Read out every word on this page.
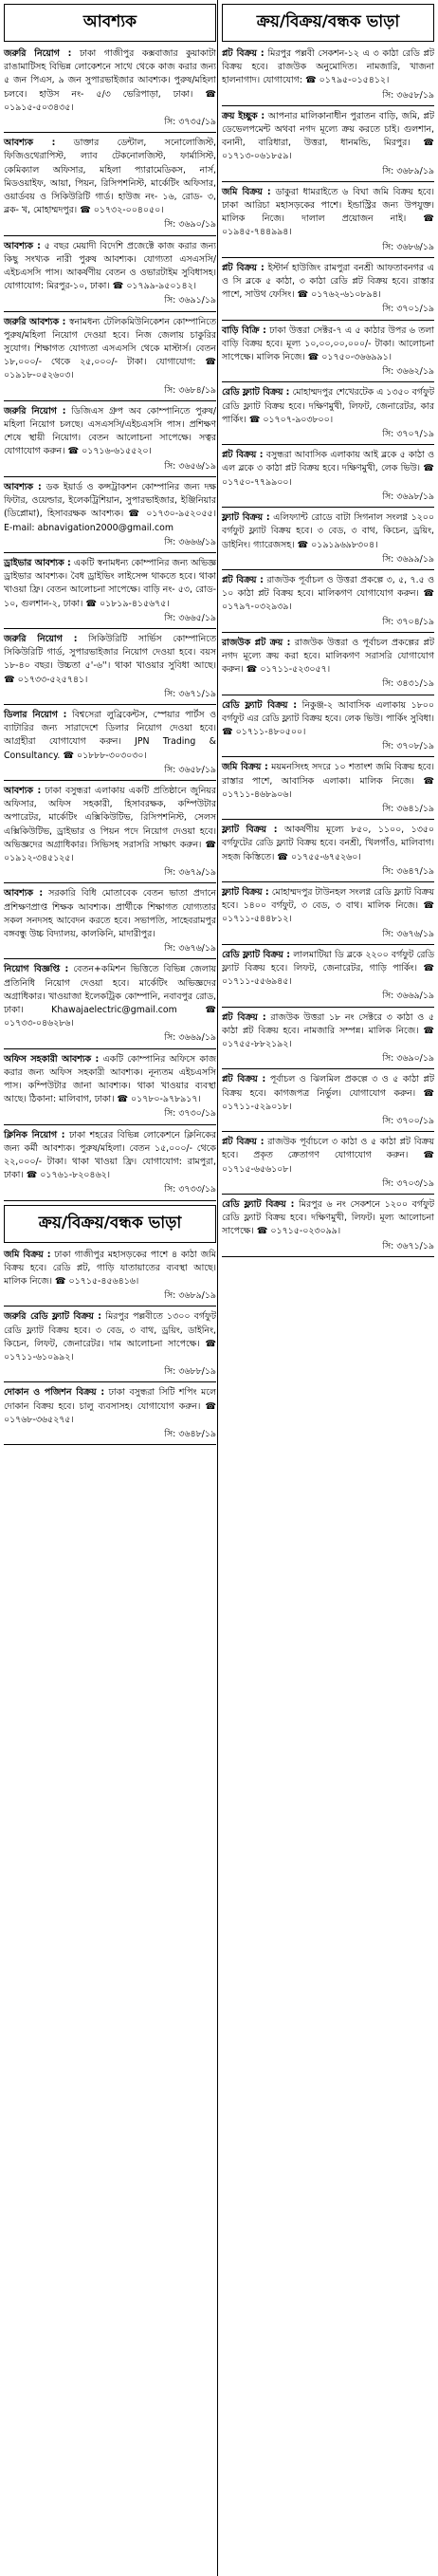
আবশ্যক
জরুরি নিয়োগ : ঢাকা গাজীপুর কক্সবাজার কুয়াকাটা রাঙামাটিসহ বিভিন্ন লোকেশনে সাথে থেকে কাজ করার জন্য ৫ জন পিএস, ৯ জন সুপারভাইজার আবশ্যক। পুরুষ/মহিলা চলবে। হাউস নং- ৫/৩ ভেরিপাড়া, ঢাকা। ☎ ০১৯১৫-৫০৩৪৩৫।
সি: ৩৭৩৫/১৯
আবশ্যক : ডাক্তার ডেন্টাল, সনোলোজিস্ট, ফিজিওথেরাপিস্ট, ল্যাব টেকনোলজিস্ট, ফার্মাসিস্ট, কেমিক্যাল অফিসার, মহিলা প্যারামেডিকস, নার্স, মিডওয়াইফ, আয়া, পিয়ন, রিসিপশনিস্ট, মার্কেটিং অফিসার, ওয়ার্ডবয় ও সিকিউরিটি গার্ড। হাউজ নং- ১৬, রোড- ৩, ব্লক- খ, মোহাম্মদপুর। ☎ ০১৭৩২-০০৪০৫০।
সি: ৩৬৯০/১৯
আবশ্যক : ৫ বছর মেয়াদী বিদেশি প্রজেক্টে কাজ করার জন্য কিছু সংখ্যক নারী পুরুষ আবশ্যক। যোগ্যতা এসএসসি/এইচএসসি পাস। আকর্ষণীয় বেতন ও ওভারটাইম সুবিধাসহ। যোগাযোগ: মিরপুর-১০, ঢাকা। ☎ ০১৭৯৯-৯৫০১৪২।
সি: ৩৬৯১/১৯
জরুরি আবশ্যক : স্বনামধন্য টেলিকমিউনিকেশন কোম্পানিতে পুরুষ/মহিলা নিয়োগ দেওয়া হবে। নিজ জেলায় চাকুরির সুযোগ। শিক্ষাগত যোগ্যতা এসএসসি থেকে মাস্টার্স। বেতন ১৮,০০০/- থেকে ২৫,০০০/- টাকা। যোগাযোগ: ☎ ০১৯১৮-০৫২৬০৩।
সি: ৩৬৮৪/১৯
জরুরি নিয়োগ : ডিজিএস গ্রুপ অব কোম্পানিতে পুরুষ/মহিলা নিয়োগ চলছে। এসএসসি/এইচএসসি পাস। প্রশিক্ষণ শেষে স্থায়ী নিয়োগ। বেতন আলোচনা সাপেক্ষে। সত্বর যোগাযোগ করুন। ☎ ০১৭১৬-৬১৫৫২০।
সি: ৩৬৫৬/১৯
আবশ্যক : ডক ইয়ার্ড ও কন্সট্রাকশন কোম্পানির জন্য দক্ষ ফিটার, ওয়েল্ডার, ইলেকট্রিশিয়ান, সুপারভাইজার, ইঞ্জিনিয়ার (ডিপ্লোমা), হিসাবরক্ষক আবশ্যক। ☎ ০১৭৩০-৯৫২০৫৫। E-mail: abnavigation2000@gmail.com
সি: ৩৬৬৬/১৯
ড্রাইভার আবশ্যক : একটি স্বনামধন্য কোম্পানির জন্য অভিজ্ঞ ড্রাইভার আবশ্যক। বৈধ ড্রাইভিং লাইসেন্স থাকতে হবে। থাকা খাওয়া ফ্রি। বেতন আলোচনা সাপেক্ষে। বাড়ি নং- ৫৩, রোড- ১০, গুলশান-২, ঢাকা। ☎ ০১৮১৯-৪১৫৬৭৫।
সি: ৩৬৬৫/১৯
জরুরি নিয়োগ : সিকিউরিটি সার্ভিস কোম্পানিতে সিকিউরিটি গার্ড, সুপারভাইজার নিয়োগ দেওয়া হবে। বয়স ১৮-৪০ বছর। উচ্চতা ৫'-৬''। থাকা খাওয়ার সুবিধা আছে। ☎ ০১৭৩৩-৫২৫৭৪১।
সি: ৩৬৭১/১৯
ডিলার নিয়োগ : বিশ্বসেরা লুব্রিকেন্টস, স্পেয়ার পার্টস ও ব্যাটারির জন্য সারাদেশে ডিলার নিয়োগ দেওয়া হবে। আগ্রহীরা যোগাযোগ করুন। JPN Trading & Consultancy. ☎ ০১৮৮৮-৩০৩০৩০।
সি: ৩৬৫৮/১৯
আবশ্যক : ঢাকা বসুন্ধরা এলাকায় একটি প্রতিষ্ঠানে জুনিয়র অফিসার, অফিস সহকারী, হিসাবরক্ষক, কম্পিউটার অপারেটর, মার্কেটিং এক্সিকিউটিভ, রিসিপশনিস্ট, সেলস এক্সিকিউটিভ, ড্রাইভার ও পিয়ন পদে নিয়োগ দেওয়া হবে। অভিজ্ঞদের অগ্রাধিকার। সিভিসহ সরাসরি সাক্ষাৎ করুন। ☎ ০১৯১২-৩৪৫১২৫।
সি: ৩৬৭৯/১৯
আবশ্যক : সরকারি বিধি মোতাবেক বেতন ভাতা প্রদানে প্রশিক্ষণপ্রাপ্ত শিক্ষক আবশ্যক। প্রার্থীকে শিক্ষাগত যোগ্যতার সকল সনদসহ আবেদন করতে হবে। সভাপতি, সাহেবরামপুর বঙ্গবন্ধু উচ্চ বিদ্যালয়, কালকিনি, মাদারীপুর।
সি: ৩৬৭৬/১৯
নিয়োগ বিজ্ঞপ্তি : বেতন+কমিশন ভিত্তিতে বিভিন্ন জেলায় প্রতিনিধি নিয়োগ দেওয়া হবে। মার্কেটিং অভিজ্ঞদের অগ্রাধিকার। খাওয়াজা ইলেকট্রিক কোম্পানি, নবাবপুর রোড, ঢাকা। Khawajaelectric@gmail.com ☎ ০১৭৩৩-০৪৬২৮৬।
সি: ৩৬৬৯/১৯
অফিস সহকারী আবশ্যক : একটি কোম্পানির অফিসে কাজ করার জন্য অফিস সহকারী আবশ্যক। নূন্যতম এইচএসসি পাস। কম্পিউটার জানা আবশ্যক। থাকা খাওয়ার ব্যবস্থা আছে। ঠিকানা: মালিবাগ, ঢাকা। ☎ ০১৭৮০-৯৭৮৯১৭।
সি: ৩৭৩০/১৯
ক্লিনিক নিয়োগ : ঢাকা শহরের বিভিন্ন লোকেশনে ক্লিনিকের জন্য কর্মী আবশ্যক। পুরুষ/মহিলা। বেতন ১৫,০০০/- থেকে ২২,০০০/- টাকা। থাকা খাওয়া ফ্রি। যোগাযোগ: রামপুরা, ঢাকা। ☎ ০১৭৬১-৮২০৪৬২।
সি: ৩৭৩৩/১৯
ক্রয়/বিক্রয়/বন্ধক ভাড়া
জমি বিক্রয় : ঢাকা গাজীপুর মহাসড়কের পাশে ৪ কাঠা জমি বিক্রয় হবে। রেডি প্লট, গাড়ি যাতায়াতের ব্যবস্থা আছে। মালিক নিজে। ☎ ০১৭১৫-৪৫৬৪১৬।
সি: ৩৬৮৯/১৯
জরুরি রেডি ফ্ল্যাট বিক্রয় : মিরপুর পল্লবীতে ১৩০০ বর্গফুট রেডি ফ্ল্যাট বিক্রয় হবে। ৩ বেড, ৩ বাথ, ড্রয়িং, ডাইনিং, কিচেন, লিফট, জেনারেটর। দাম আলোচনা সাপেক্ষে। ☎ ০১৭১১-৬১০৯৯২।
সি: ৩৬৮৮/১৯
দোকান ও পজিশন বিক্রয় : ঢাকা বসুন্ধরা সিটি শপিং মলে দোকান বিক্রয় হবে। চালু ব্যবসাসহ। যোগাযোগ করুন। ☎ ০১৭৬৮-৩৬৫২৭৫।
সি: ৩৬৪৮/১৯
ক্রয়/বিক্রয়/বন্ধক ভাড়া
প্লট বিক্রয় : মিরপুর পল্লবী সেকশন-১২ এ ৩ কাঠা রেডি প্লট বিক্রয় হবে। রাজউক অনুমোদিত। নামজারি, খাজনা হালনাগাদ। যোগাযোগ: ☎ ০১৭৯৫-০১৫৪১২।
সি: ৩৬৫৮/১৯
ক্রয় ইচ্ছুক : আপনার মালিকানাধীন পুরাতন বাড়ি, জমি, প্লট ডেভেলপমেন্ট অথবা নগদ মূল্যে ক্রয় করতে চাই। গুলশান, বনানী, বারিধারা, উত্তরা, ধানমন্ডি, মিরপুর। ☎ ০১৭১৩-০৬১৮৫৯।
সি: ৩৬৮৯/১৯
জমি বিক্রয় : ডাকুরা ধামরাইতে ৬ বিঘা জমি বিক্রয় হবে। ঢাকা আরিচা মহাসড়কের পাশে। ইন্ডাস্ট্রির জন্য উপযুক্ত। মালিক নিজে। দালাল প্রয়োজন নাই। ☎ ০১৯৪৫-৭৪৪৯৯৪।
সি: ৩৬৮৬/১৯
প্লট বিক্রয় : ইস্টার্ন হাউজিং রামপুরা বনশ্রী আফতাবনগর এ ও সি ব্লকে ৫ কাঠা, ৩ কাঠা রেডি প্লট বিক্রয় হবে। রাস্তার পাশে, সাউথ ফেসিং। ☎ ০১৭৬২-৬১০৮৯৪।
সি: ৩৭০১/১৯
বাড়ি বিক্রি : ঢাকা উত্তরা সেক্টর-৭ এ ৫ কাঠার উপর ৬ তলা বাড়ি বিক্রয় হবে। মূল্য ১০,০০,০০,০০০/- টাকা। আলোচনা সাপেক্ষে। মালিক নিজে। ☎ ০১৭৫০-৩৬৬৯৯১।
সি: ৩৬৬২/১৯
রেডি ফ্ল্যাট বিক্রয় : মোহাম্মদপুর শেখেরটেক এ ১৩৫০ বর্গফুট রেডি ফ্ল্যাট বিক্রয় হবে। দক্ষিণমুখী, লিফট, জেনারেটর, কার পার্কিং। ☎ ০১৭০৭-৯০৩৮০০।
সি: ৩৭০৭/১৯
প্লট বিক্রয় : বসুন্ধরা আবাসিক এলাকায় আই ব্লকে ৫ কাঠা ও এল ব্লকে ৩ কাঠা প্লট বিক্রয় হবে। দক্ষিণমুখী, লেক ভিউ। ☎ ০১৭৫০-৭৭৯৯০০।
সি: ৩৬৯৮/১৯
ফ্ল্যাট বিক্রয় : এলিফ্যান্ট রোডে বাটা সিগনাল সংলগ্ন ১২০০ বর্গফুট ফ্ল্যাট বিক্রয় হবে। ৩ বেড, ৩ বাথ, কিচেন, ড্রয়িং, ডাইনিং। গ্যারেজসহ। ☎ ০১৯১৯৬৯৮৩০৪।
সি: ৩৬৯৯/১৯
প্লট বিক্রয় : রাজউক পূর্বাচল ও উত্তরা প্রকল্পে ৩, ৫, ৭.৫ ও ১০ কাঠা প্লট বিক্রয় হবে। মালিকগণ যোগাযোগ করুন। ☎ ০১৭৯৭-০৩২৯৩৯।
সি: ৩৭০৪/১৯
রাজউক প্লট ক্রয় : রাজউক উত্তরা ও পূর্বাচল প্রকল্পের প্লট নগদ মূল্যে ক্রয় করা হবে। মালিকগণ সরাসরি যোগাযোগ করুন। ☎ ০১৭১১-৫২৩০৫৭।
সি: ৩৪৩১/১৯
রেডি ফ্ল্যাট বিক্রয় : নিকুঞ্জ-২ আবাসিক এলাকায় ১৮০০ বর্গফুট এর রেডি ফ্ল্যাট বিক্রয় হবে। লেক ভিউ। পার্কিং সুবিধা। ☎ ০১৭১১-৪৮০৫০০।
সি: ৩৭০৮/১৯
জমি বিক্রয় : ময়মনসিংহ সদরে ১০ শতাংশ জমি বিক্রয় হবে। রাস্তার পাশে, আবাসিক এলাকা। মালিক নিজে। ☎ ০১৭১১-৪৬৮৯০৬।
সি: ৩৬৪১/১৯
ফ্ল্যাট বিক্রয় : আকর্ষণীয় মূল্যে ৮৫০, ১১০০, ১৩৫০ বর্গফুটের রেডি ফ্ল্যাট বিক্রয় হবে। বনশ্রী, খিলগাঁও, মালিবাগ। সহজ কিস্তিতে। ☎ ০১৭৫৫-৬৭৫২৬০।
সি: ৩৬৪৭/১৯
ফ্ল্যাট বিক্রয় : মোহাম্মদপুর টাউনহল সংলগ্ন রেডি ফ্ল্যাট বিক্রয় হবে। ১৪০০ বর্গফুট, ৩ বেড, ৩ বাথ। মালিক নিজে। ☎ ০১৭১১-৫৪৪৮১২।
সি: ৩৬৭৬/১৯
রেডি ফ্ল্যাট বিক্রয় : লালমাটিয়া ডি ব্লকে ২২০০ বর্গফুট রেডি ফ্ল্যাট বিক্রয় হবে। লিফট, জেনারেটর, গাড়ি পার্কিং। ☎ ০১৭১১-৫৫৬৯৪৫।
সি: ৩৬৬৯/১৯
প্লট বিক্রয় : রাজউক উত্তরা ১৮ নং সেক্টরে ৩ কাঠা ও ৫ কাঠা প্লট বিক্রয় হবে। নামজারি সম্পন্ন। মালিক নিজে। ☎ ০১৭৫৫-৮৮২১৯২।
সি: ৩৬৯০/১৯
প্লট বিক্রয় : পূর্বাচল ও ঝিলমিল প্রকল্পে ৩ ও ৫ কাঠা প্লট বিক্রয় হবে। কাগজপত্র নির্ভুল। যোগাযোগ করুন। ☎ ০১৭১১-৫২৯০১৮।
সি: ৩৭০০/১৯
প্লট বিক্রয় : রাজউক পূর্বাচলে ৩ কাঠা ও ৫ কাঠা প্লট বিক্রয় হবে। প্রকৃত ক্রেতাগণ যোগাযোগ করুন। ☎ ০১৭১৫-৬৫৬১০৮।
সি: ৩৭০৩/১৯
রেডি ফ্ল্যাট বিক্রয় : মিরপুর ৬ নং সেকশনে ১২০০ বর্গফুট রেডি ফ্ল্যাট বিক্রয় হবে। দক্ষিণমুখী, লিফট। মূল্য আলোচনা সাপেক্ষে। ☎ ০১৭১৫-০২৩০৯৯।
সি: ৩৬৭১/১৯
